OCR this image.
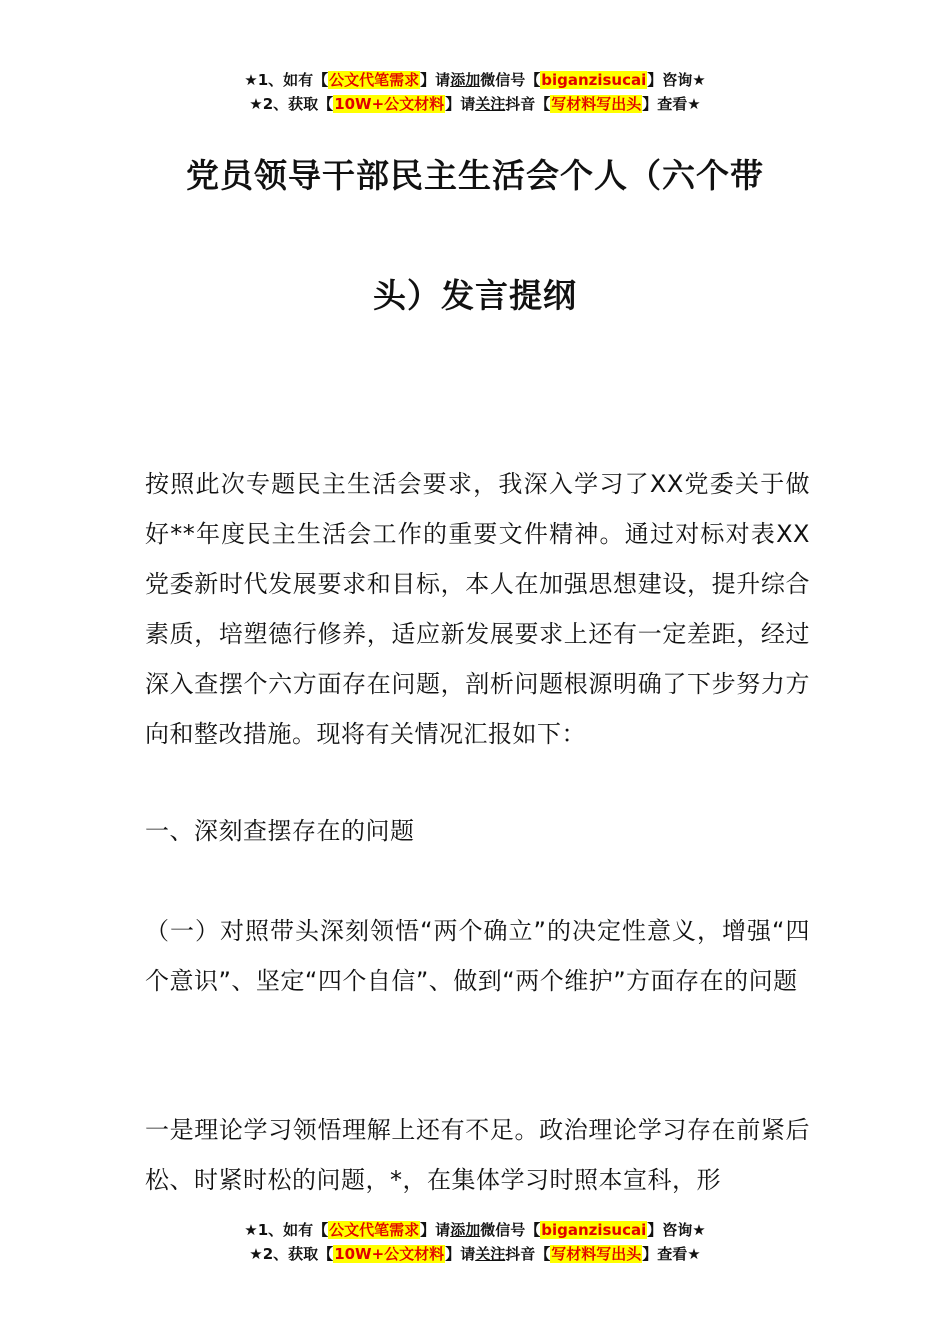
★1、如有【公文代笔需求】请添加微信号【biganzisucai】咨询★
★2、获取【10W+公文材料】请关注抖音【写材料写出头】查看★
党员领导干部民主生活会个人（六个带
头）发言提纲
按照此次专题民主生活会要求，我深入学习了XX党委关于做好**年度民主生活会工作的重要文件精神。通过对标对表XX党委新时代发展要求和目标，本人在加强思想建设，提升综合素质，培塑德行修养，适应新发展要求上还有一定差距，经过深入查摆个六方面存在问题，剖析问题根源明确了下步努力方向和整改措施。现将有关情况汇报如下：
一、深刻查摆存在的问题
（一）对照带头深刻领悟“两个确立”的决定性意义，增强“四个意识”、坚定“四个自信”、做到“两个维护”方面存在的问题
一是理论学习领悟理解上还有不足。政治理论学习存在前紧后松、时紧时松的问题，*，在集体学习时照本宣科，形
★1、如有【公文代笔需求】请添加微信号【biganzisucai】咨询★
★2、获取【10W+公文材料】请关注抖音【写材料写出头】查看★
